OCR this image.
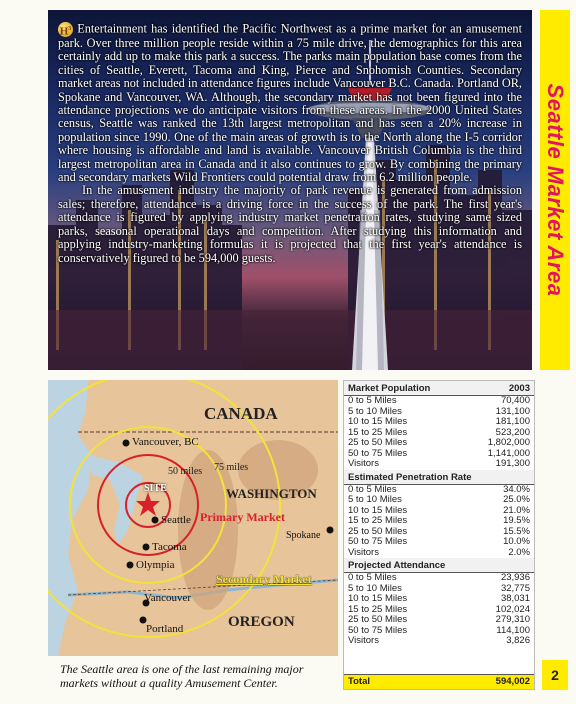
$H^3$ Entertainment has identified the Pacific Northwest as a prime market for an amusement park. Over three million people reside within a 75 mile drive, the demographics for this area certainly add up to make this park a success. The parks main population base comes from the cities of Seattle, Everett, Tacoma and King, Pierce and Snohomish Counties. Secondary market areas not included in attendance figures include Vancouver B.C. Canada. Portland OR, Spokane and Vancouver, WA. Although, the secondary market has not been figured into the attendance projections we do anticipate visitors from these areas. In the 2000 United States census, Seattle was ranked the 13th largest metropolitan and has seen a 20% increase in population since 1990. One of the main areas of growth is to the North along the I-5 corridor where housing is affordable and land is available. Vancouver British Columbia is the third largest metropolitan area in Canada and it also continues to grow. By combining the primary and secondary markets Wild Frontiers could potential draw from 6.2 million people.

In the amusement industry the majority of park revenue is generated from admission sales; therefore, attendance is a driving force in the success of the park. The first year's attendance is figured by applying industry market penetration rates, studying same sized parks, seasonal operational days and competition. After studying this information and applying industry-marketing formulas it is projected that the first year's attendance is conservatively figured to be 594,000 guests.	Seattle Market Area
CANADA
WASHINGTON
OREGON
Vancouver, BC
Seattle
Tacoma
Olympia
Spokane
Vancouver
Portland
SITE
50 miles 75 miles
Primary Market
Secondary Market
The Seattle area is one of the last remaining major markets without a quality Amusement Center.
Market Population	2003
0 to 5 Miles	70,400
5 to 10 Miles	131,100
10 to 15 Miles	181,100
15 to 25 Miles	523,200
25 to 50 Miles	1,802,000
50 to 75 Miles	1,141,000
Visitors	191,300
Estimated Penetration Rate
0 to 5 Miles	34.0%
5 to 10 Miles	25.0%
10 to 15 Miles	21.0%
15 to 25 Miles	19.5%
25 to 50 Miles	15.5%
50 to 75 Miles	10.0%
Visitors	2.0%
Projected Attendance
0 to 5 Miles	23,936
5 to 10 Miles	32,775
10 to 15 Miles	38,031
15 to 25 Miles	102,024
25 to 50 Miles	279,310
50 to 75 Miles	114,100
Visitors	3,826
Total	594,002	2
